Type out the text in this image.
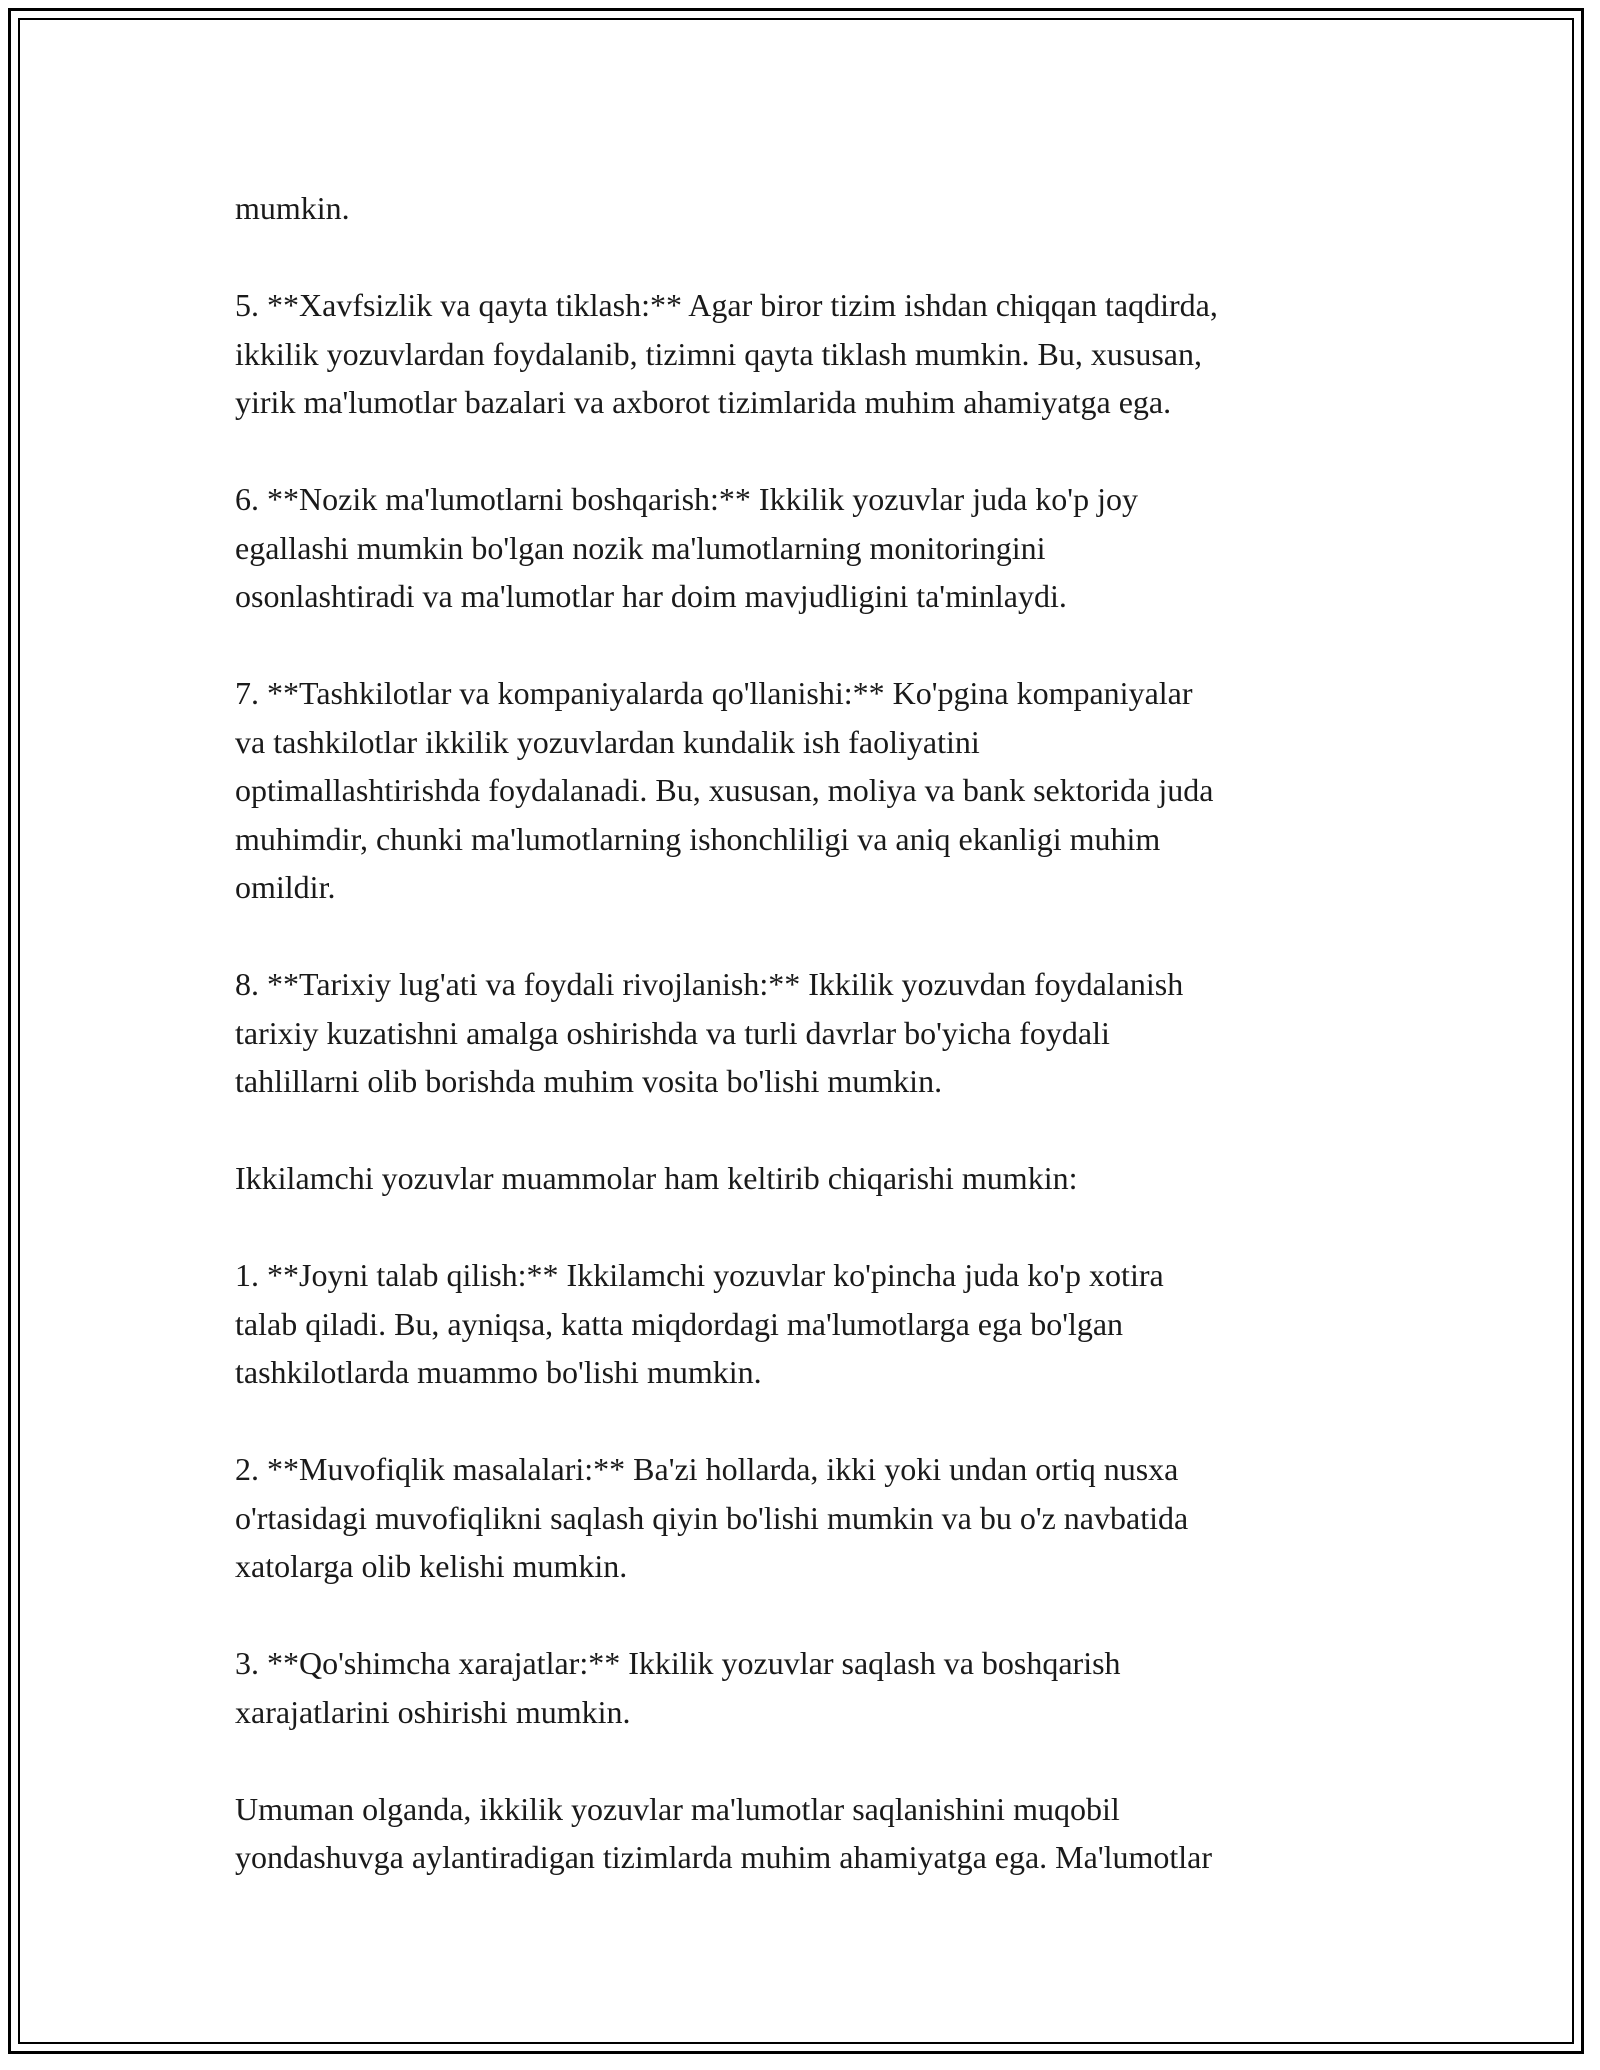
mumkin.

5. **Xavfsizlik va qayta tiklash:** Agar biror tizim ishdan chiqqan taqdirda,
ikkilik yozuvlardan foydalanib, tizimni qayta tiklash mumkin. Bu, xususan,
yirik ma'lumotlar bazalari va axborot tizimlarida muhim ahamiyatga ega.

6. **Nozik ma'lumotlarni boshqarish:** Ikkilik yozuvlar juda ko'p joy
egallashi mumkin bo'lgan nozik ma'lumotlarning monitoringini
osonlashtiradi va ma'lumotlar har doim mavjudligini ta'minlaydi.

7. **Tashkilotlar va kompaniyalarda qo'llanishi:** Ko'pgina kompaniyalar
va tashkilotlar ikkilik yozuvlardan kundalik ish faoliyatini
optimallashtirishda foydalanadi. Bu, xususan, moliya va bank sektorida juda
muhimdir, chunki ma'lumotlarning ishonchliligi va aniq ekanligi muhim
omildir.

8. **Tarixiy lug'ati va foydali rivojlanish:** Ikkilik yozuvdan foydalanish
tarixiy kuzatishni amalga oshirishda va turli davrlar bo'yicha foydali
tahlillarni olib borishda muhim vosita bo'lishi mumkin.

Ikkilamchi yozuvlar muammolar ham keltirib chiqarishi mumkin:

1. **Joyni talab qilish:** Ikkilamchi yozuvlar ko'pincha juda ko'p xotira
talab qiladi. Bu, ayniqsa, katta miqdordagi ma'lumotlarga ega bo'lgan
tashkilotlarda muammo bo'lishi mumkin.

2. **Muvofiqlik masalalari:** Ba'zi hollarda, ikki yoki undan ortiq nusxa
o'rtasidagi muvofiqlikni saqlash qiyin bo'lishi mumkin va bu o'z navbatida
xatolarga olib kelishi mumkin.

3. **Qo'shimcha xarajatlar:** Ikkilik yozuvlar saqlash va boshqarish
xarajatlarini oshirishi mumkin.

Umuman olganda, ikkilik yozuvlar ma'lumotlar saqlanishini muqobil
yondashuvga aylantiradigan tizimlarda muhim ahamiyatga ega. Ma'lumotlar
